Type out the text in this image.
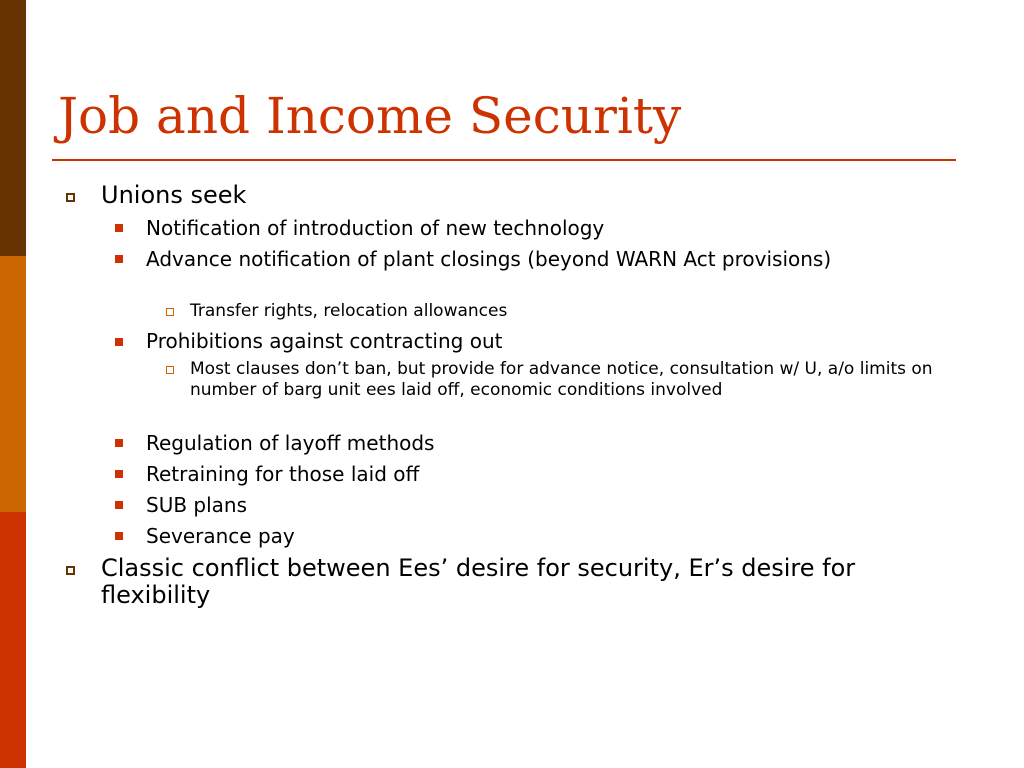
Job and Income Security

Unions seek

Notification of introduction of new technology

Advance notification of plant closings (beyond WARN Act provisions)

Transfer rights, relocation allowances

Prohibitions against contracting out

Most clauses don’t ban, but provide for advance notice, consultation w/ U, a/o limits on number of barg unit ees laid off, economic conditions involved

Regulation of layoff methods

Retraining for those laid off

SUB plans

Severance pay

Classic conflict between Ees’ desire for security, Er’s desire for flexibility
